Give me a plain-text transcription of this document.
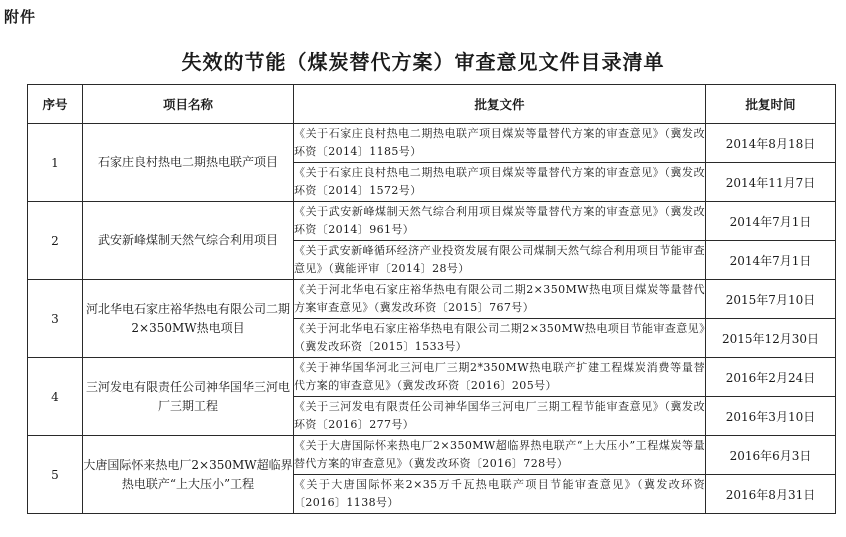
附件
失效的节能（煤炭替代方案）审查意见文件目录清单
序号	项目名称	批复文件	批复时间
1	石家庄良村热电二期热电联产项目	《关于石家庄良村热电二期热电联产项目煤炭等量替代方案的审查意见》（冀发改环资〔2014〕1185号）	2014年8月18日
		《关于石家庄良村热电二期热电联产项目煤炭等量替代方案的审查意见》（冀发改环资〔2014〕1572号）	2014年11月7日
2	武安新峰煤制天然气综合利用项目	《关于武安新峰煤制天然气综合利用项目煤炭等量替代方案的审查意见》（冀发改环资〔2014〕961号）	2014年7月1日
		《关于武安新峰循环经济产业投资发展有限公司煤制天然气综合利用项目节能审查意见》（冀能评审〔2014〕28号）	2014年7月1日
3	河北华电石家庄裕华热电有限公司二期2×350MW热电项目	《关于河北华电石家庄裕华热电有限公司二期2×350MW热电项目煤炭等量替代方案审查意见》（冀发改环资〔2015〕767号）	2015年7月10日
		《关于河北华电石家庄裕华热电有限公司二期2×350MW热电项目节能审查意见》（冀发改环资〔2015〕1533号）	2015年12月30日
4	三河发电有限责任公司神华国华三河电厂三期工程	《关于神华国华河北三河电厂三期2*350MW热电联产扩建工程煤炭消费等量替代方案的审查意见》（冀发改环资〔2016〕205号）	2016年2月24日
		《关于三河发电有限责任公司神华国华三河电厂三期工程节能审查意见》（冀发改环资〔2016〕277号）	2016年3月10日
5	大唐国际怀来热电厂2×350MW超临界热电联产“上大压小”工程	《关于大唐国际怀来热电厂2×350MW超临界热电联产“上大压小”工程煤炭等量替代方案的审查意见》（冀发改环资〔2016〕728号）	2016年6月3日
		《关于大唐国际怀来2×35万千瓦热电联产项目节能审查意见》（冀发改环资〔2016〕1138号）	2016年8月31日
